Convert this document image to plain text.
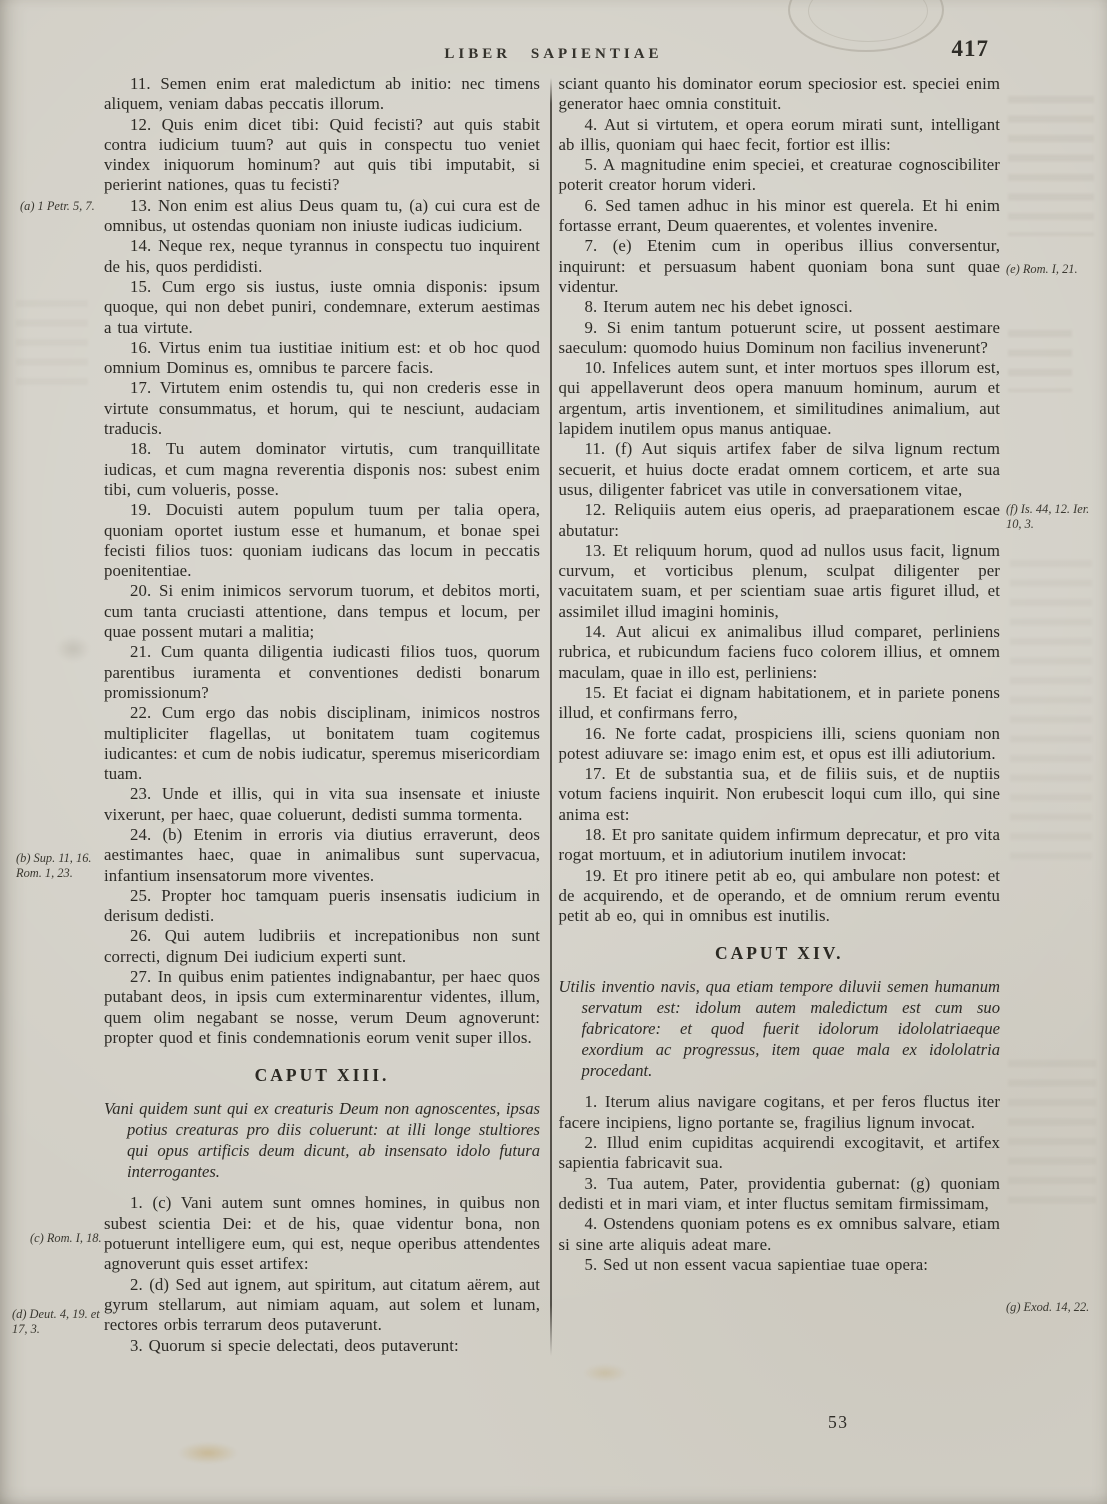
LIBER SAPIENTIAE	417

11. Semen enim erat maledictum ab initio: nec timens aliquem, veniam dabas peccatis illorum.

12. Quis enim dicet tibi: Quid fecisti? aut quis stabit contra iudicium tuum? aut quis in conspectu tuo veniet vindex iniquorum hominum? aut quis tibi imputabit, si perierint nationes, quas tu fecisti?

13. Non enim est alius Deus quam tu, (a) cui cura est de omnibus, ut ostendas quoniam non iniuste iudicas iudicium.

14. Neque rex, neque tyrannus in conspectu tuo inquirent de his, quos perdidisti.

15. Cum ergo sis iustus, iuste omnia disponis: ipsum quoque, qui non debet puniri, condemnare, exterum aestimas a tua virtute.

16. Virtus enim tua iustitiae initium est: et ob hoc quod omnium Dominus es, omnibus te parcere facis.

17. Virtutem enim ostendis tu, qui non crederis esse in virtute consummatus, et horum, qui te nesciunt, audaciam traducis.

18. Tu autem dominator virtutis, cum tranquillitate iudicas, et cum magna reverentia disponis nos: subest enim tibi, cum volueris, posse.

19. Docuisti autem populum tuum per talia opera, quoniam oportet iustum esse et humanum, et bonae spei fecisti filios tuos: quoniam iudicans das locum in peccatis poenitentiae.

20. Si enim inimicos servorum tuorum, et debitos morti, cum tanta cruciasti attentione, dans tempus et locum, per quae possent mutari a malitia;

21. Cum quanta diligentia iudicasti filios tuos, quorum parentibus iuramenta et conventiones dedisti bonarum promissionum?

22. Cum ergo das nobis disciplinam, inimicos nostros multipliciter flagellas, ut bonitatem tuam cogitemus iudicantes: et cum de nobis iudicatur, speremus misericordiam tuam.

23. Unde et illis, qui in vita sua insensate et iniuste vixerunt, per haec, quae coluerunt, dedisti summa tormenta.

24. (b) Etenim in erroris via diutius erraverunt, deos aestimantes haec, quae in animalibus sunt supervacua, infantium insensatorum more viventes.

25. Propter hoc tamquam pueris insensatis iudicium in derisum dedisti.

26. Qui autem ludibriis et increpationibus non sunt correcti, dignum Dei iudicium experti sunt.

27. In quibus enim patientes indignabantur, per haec quos putabant deos, in ipsis cum exterminarentur videntes, illum, quem olim negabant se nosse, verum Deum agnoverunt: propter quod et finis condemnationis eorum venit super illos.

CAPUT XIII.

Vani quidem sunt qui ex creaturis Deum non agnoscentes, ipsas potius creaturas pro diis coluerunt: at illi longe stultiores qui opus artificis deum dicunt, ab insensato idolo futura interrogantes.

1. (c) Vani autem sunt omnes homines, in quibus non subest scientia Dei: et de his, quae videntur bona, non potuerunt intelligere eum, qui est, neque operibus attendentes agnoverunt quis esset artifex:

2. (d) Sed aut ignem, aut spiritum, aut citatum aërem, aut gyrum stellarum, aut nimiam aquam, aut solem et lunam, rectores orbis terrarum deos putaverunt.

3. Quorum si specie delectati, deos putaverunt:

sciant quanto his dominator eorum speciosior est. speciei enim generator haec omnia constituit.

4. Aut si virtutem, et opera eorum mirati sunt, intelligant ab illis, quoniam qui haec fecit, fortior est illis:

5. A magnitudine enim speciei, et creaturae cognoscibiliter poterit creator horum videri.

6. Sed tamen adhuc in his minor est querela. Et hi enim fortasse errant, Deum quaerentes, et volentes invenire.

7. (e) Etenim cum in operibus illius conversentur, inquirunt: et persuasum habent quoniam bona sunt quae videntur.

8. Iterum autem nec his debet ignosci.

9. Si enim tantum potuerunt scire, ut possent aestimare saeculum: quomodo huius Dominum non facilius invenerunt?

10. Infelices autem sunt, et inter mortuos spes illorum est, qui appellaverunt deos opera manuum hominum, aurum et argentum, artis inventionem, et similitudines animalium, aut lapidem inutilem opus manus antiquae.

11. (f) Aut siquis artifex faber de silva lignum rectum secuerit, et huius docte eradat omnem corticem, et arte sua usus, diligenter fabricet vas utile in conversationem vitae,

12. Reliquiis autem eius operis, ad praeparationem escae abutatur:

13. Et reliquum horum, quod ad nullos usus facit, lignum curvum, et vorticibus plenum, sculpat diligenter per vacuitatem suam, et per scientiam suae artis figuret illud, et assimilet illud imagini hominis,

14. Aut alicui ex animalibus illud comparet, perliniens rubrica, et rubicundum faciens fuco colorem illius, et omnem maculam, quae in illo est, perliniens:

15. Et faciat ei dignam habitationem, et in pariete ponens illud, et confirmans ferro,

16. Ne forte cadat, prospiciens illi, sciens quoniam non potest adiuvare se: imago enim est, et opus est illi adiutorium.

17. Et de substantia sua, et de filiis suis, et de nuptiis votum faciens inquirit. Non erubescit loqui cum illo, qui sine anima est:

18. Et pro sanitate quidem infirmum deprecatur, et pro vita rogat mortuum, et in adiutorium inutilem invocat:

19. Et pro itinere petit ab eo, qui ambulare non potest: et de acquirendo, et de operando, et de omnium rerum eventu petit ab eo, qui in omnibus est inutilis.

CAPUT XIV.

Utilis inventio navis, qua etiam tempore diluvii semen humanum servatum est: idolum autem maledictum est cum suo fabricatore: et quod fuerit idolorum idololatriaeque exordium ac progressus, item quae mala ex idololatria procedant.

1. Iterum alius navigare cogitans, et per feros fluctus iter facere incipiens, ligno portante se, fragilius lignum invocat.

2. Illud enim cupiditas acquirendi excogitavit, et artifex sapientia fabricavit sua.

3. Tua autem, Pater, providentia gubernat: (g) quoniam dedisti et in mari viam, et inter fluctus semitam firmissimam,

4. Ostendens quoniam potens es ex omnibus salvare, etiam si sine arte aliquis adeat mare.

5. Sed ut non essent vacua sapientiae tuae opera:

(a) 1 Petr. 5, 7.
(b) Sup. 11, 16. Rom. 1, 23.
(c) Rom. I, 18.
(d) Deut. 4, 19. et 17, 3.
(e) Rom. I, 21.
(f) Is. 44, 12. Ier. 10, 3.
(g) Exod. 14, 22.
53
